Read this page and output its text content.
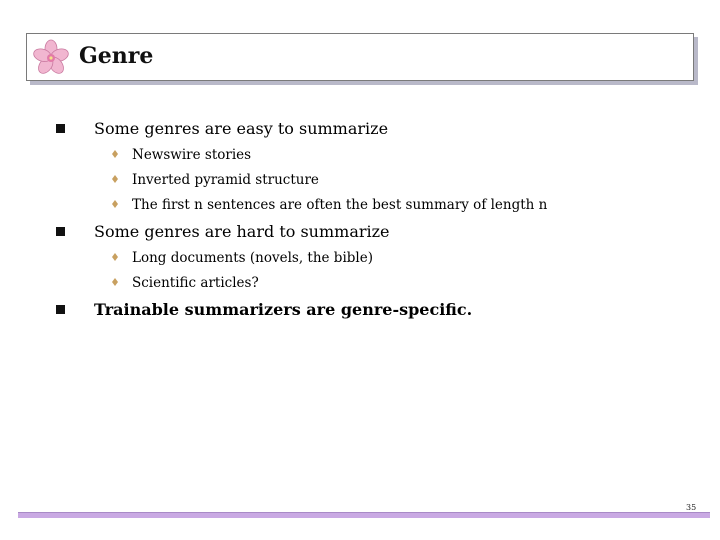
Genre
Some genres are easy to summarize
Newswire stories
Inverted pyramid structure
The first n sentences are often the best summary of length n
Some genres are hard to summarize
Long documents (novels, the bible)
Scientific articles?
Trainable summarizers are genre-specific.
35
